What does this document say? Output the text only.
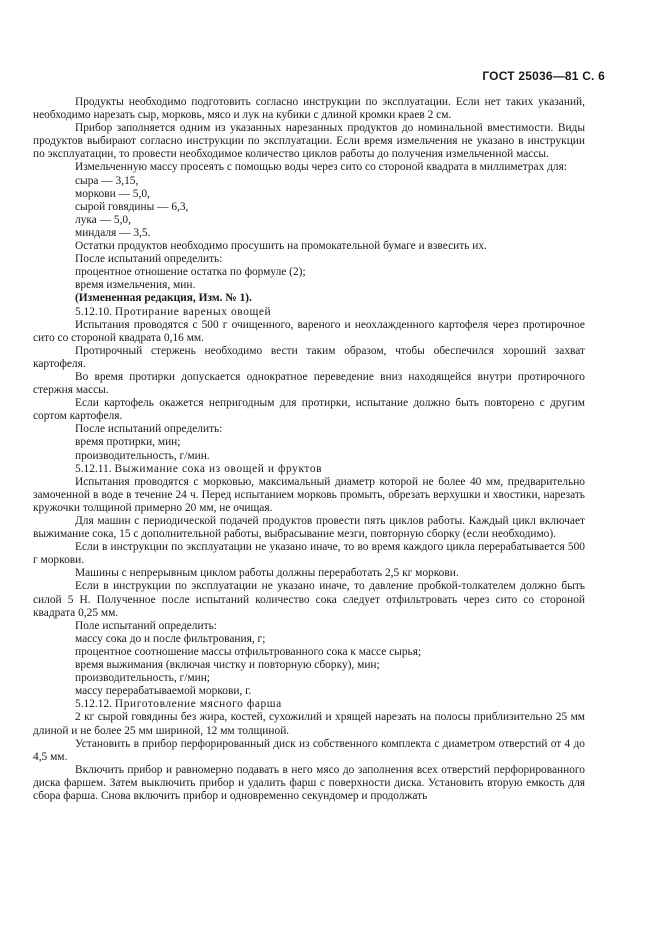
ГОСТ 25036—81 С. 6

Продукты необходимо подготовить согласно инструкции по эксплуатации. Если нет таких указаний, необходимо нарезать сыр, морковь, мясо и лук на кубики с длиной кромки краев 2 см.

Прибор заполняется одним из указанных нарезанных продуктов до номинальной вместимости. Виды продуктов выбирают согласно инструкции по эксплуатации. Если время измельчения не указано в инструкции по эксплуатации, то провести необходимое количество циклов работы до получения измельченной массы.

Измельченную массу просеять с помощью воды через сито со стороной квадрата в миллиметрах для:

сыра — 3,15,

моркови — 5,0,

сырой говядины — 6,3,

лука — 5,0,

миндаля — 3,5.

Остатки продуктов необходимо просушить на промокательной бумаге и взвесить их.

После испытаний определить:

процентное отношение остатка по формуле (2);

время измельчения, мин.

(Измененная редакция, Изм. № 1).

5.12.10. Протирание вареных овощей

Испытания проводятся с 500 г очищенного, вареного и неохлажденного картофеля через протирочное сито со стороной квадрата 0,16 мм.

Протирочный стержень необходимо вести таким образом, чтобы обеспечился хороший захват картофеля.

Во время протирки допускается однократное переведение вниз находящейся внутри протирочного стержня массы.

Если картофель окажется непригодным для протирки, испытание должно быть повторено с другим сортом картофеля.

После испытаний определить:

время протирки, мин;

производительность, г/мин.

5.12.11. Выжимание сока из овощей и фруктов

Испытания проводятся с морковью, максимальный диаметр которой не более 40 мм, предварительно замоченной в воде в течение 24 ч. Перед испытанием морковь промыть, обрезать верхушки и хвостики, нарезать кружочки толщиной примерно 20 мм, не очищая.

Для машин с периодической подачей продуктов провести пять циклов работы. Каждый цикл включает выжимание сока, 15 с дополнительной работы, выбрасывание мезги, повторную сборку (если необходимо).

Если в инструкции по эксплуатации не указано иначе, то во время каждого цикла перерабатывается 500 г моркови.

Машины с непрерывным циклом работы должны переработать 2,5 кг моркови.

Если в инструкции по эксплуатации не указано иначе, то давление пробкой-толкателем должно быть силой 5 Н. Полученное после испытаний количество сока следует отфильтровать через сито со стороной квадрата 0,25 мм.

Поле испытаний определить:

массу сока до и после фильтрования, г;

процентное соотношение массы отфильтрованного сока к массе сырья;

время выжимания (включая чистку и повторную сборку), мин;

производительность, г/мин;

массу перерабатываемой моркови, г.

5.12.12. Приготовление мясного фарша

2 кг сырой говядины без жира, костей, сухожилий и хрящей нарезать на полосы приблизительно 25 мм длиной и не более 25 мм шириной, 12 мм толщиной.

Установить в прибор перфорированный диск из собственного комплекта с диаметром отверстий от 4 до 4,5 мм.

Включить прибор и равномерно подавать в него мясо до заполнения всех отверстий перфорированного диска фаршем. Затем выключить прибор и удалить фарш с поверхности диска. Установить вторую емкость для сбора фарша. Снова включить прибор и одновременно секундомер и продолжать
